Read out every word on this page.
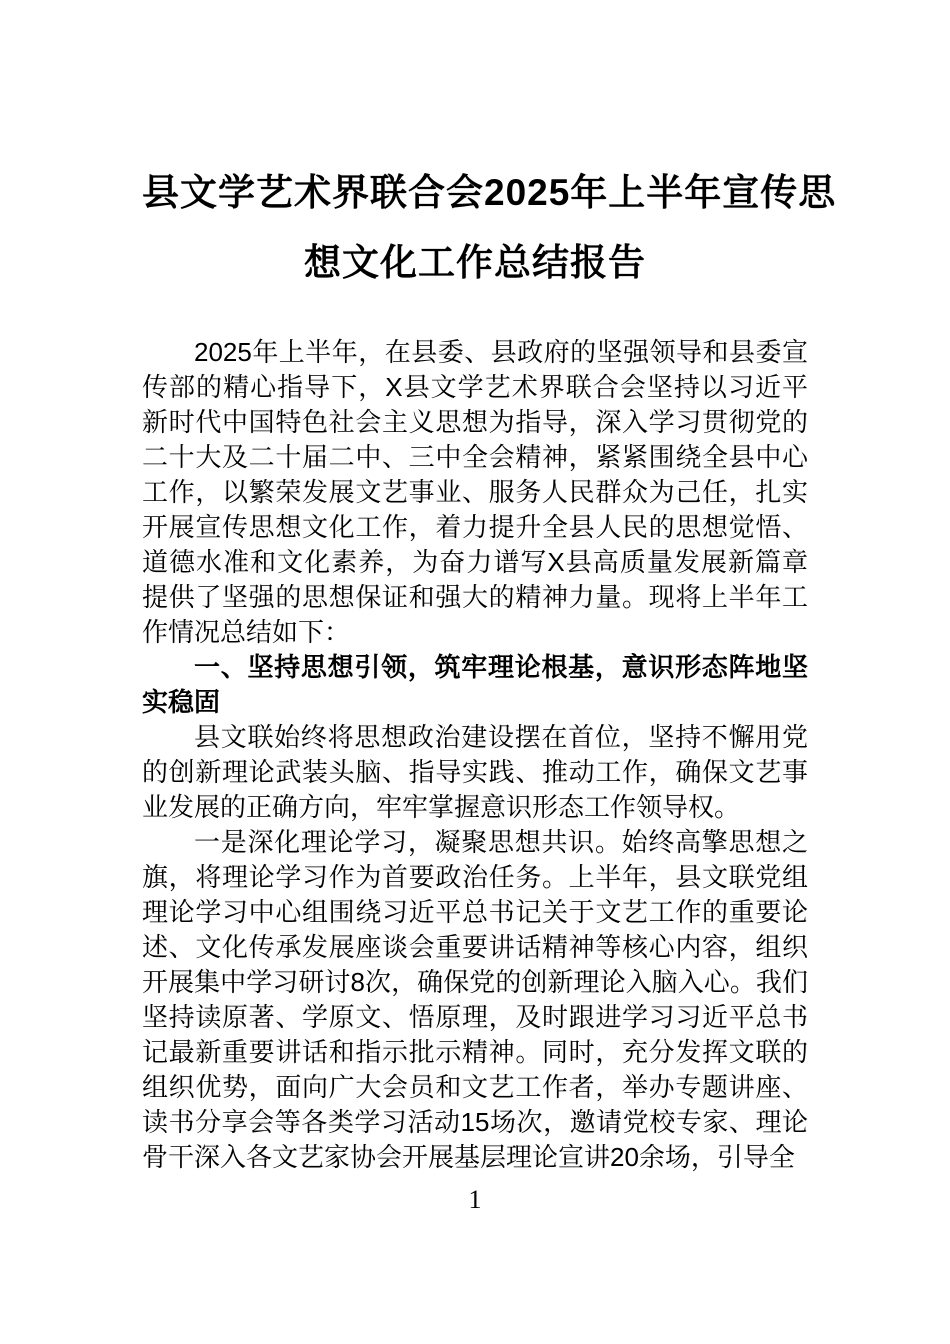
县文学艺术界联合会2025年上半年宣传思
想文化工作总结报告

2025年上半年，在县委、县政府的坚强领导和县委宣传部的精心指导下，X县文学艺术界联合会坚持以习近平新时代中国特色社会主义思想为指导，深入学习贯彻党的二十大及二十届二中、三中全会精神，紧紧围绕全县中心工作，以繁荣发展文艺事业、服务人民群众为己任，扎实开展宣传思想文化工作，着力提升全县人民的思想觉悟、道德水准和文化素养，为奋力谱写X县高质量发展新篇章提供了坚强的思想保证和强大的精神力量。现将上半年工作情况总结如下：

一、坚持思想引领，筑牢理论根基，意识形态阵地坚实稳固

县文联始终将思想政治建设摆在首位，坚持不懈用党的创新理论武装头脑、指导实践、推动工作，确保文艺事业发展的正确方向，牢牢掌握意识形态工作领导权。

一是深化理论学习，凝聚思想共识。始终高擎思想之旗，将理论学习作为首要政治任务。上半年，县文联党组理论学习中心组围绕习近平总书记关于文艺工作的重要论述、文化传承发展座谈会重要讲话精神等核心内容，组织开展集中学习研讨8次，确保党的创新理论入脑入心。我们坚持读原著、学原文、悟原理，及时跟进学习习近平总书记最新重要讲话和指示批示精神。同时，充分发挥文联的组织优势，面向广大会员和文艺工作者，举办专题讲座、读书分享会等各类学习活动15场次，邀请党校专家、理论骨干深入各文艺家协会开展基层理论宣讲20余场，引导全

1
